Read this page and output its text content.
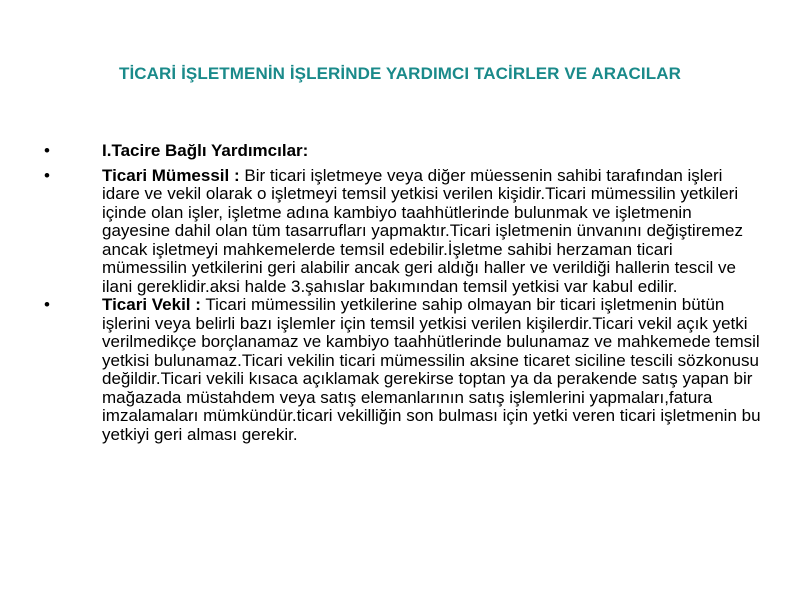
TİCARİ İŞLETMENİN İŞLERİNDE YARDIMCI TACİRLER VE ARACILAR
•	I.Tacire Bağlı Yardımcılar:
•	Ticari Mümessil : Bir ticari işletmeye veya diğer müessenin sahibi tarafından işleri idare ve vekil olarak o işletmeyi temsil yetkisi verilen kişidir.Ticari mümessilin yetkileri içinde olan işler, işletme adına kambiyo taahhütlerinde bulunmak ve işletmenin gayesine dahil olan tüm tasarrufları yapmaktır.Ticari işletmenin ünvanını değiştiremez ancak işletmeyi mahkemelerde temsil edebilir.İşletme sahibi herzaman ticari mümessilin yetkilerini geri alabilir ancak geri aldığı haller ve verildiği hallerin tescil ve ilani gereklidir.aksi halde 3.şahıslar bakımından temsil yetkisi var kabul edilir.
•	Ticari Vekil : Ticari mümessilin yetkilerine sahip olmayan bir ticari işletmenin bütün işlerini veya belirli bazı işlemler için temsil yetkisi verilen kişilerdir.Ticari vekil açık yetki verilmedikçe borçlanamaz ve kambiyo taahhütlerinde bulunamaz ve mahkemede temsil yetkisi bulunamaz.Ticari vekilin ticari mümessilin aksine ticaret siciline tescili sözkonusu değildir.Ticari vekili kısaca açıklamak gerekirse toptan ya da perakende satış yapan bir mağazada müstahdem veya satış elemanlarının satış işlemlerini yapmaları,fatura imzalamaları mümkündür.ticari vekilliğin son bulması için yetki veren ticari işletmenin bu yetkiyi geri alması gerekir.
